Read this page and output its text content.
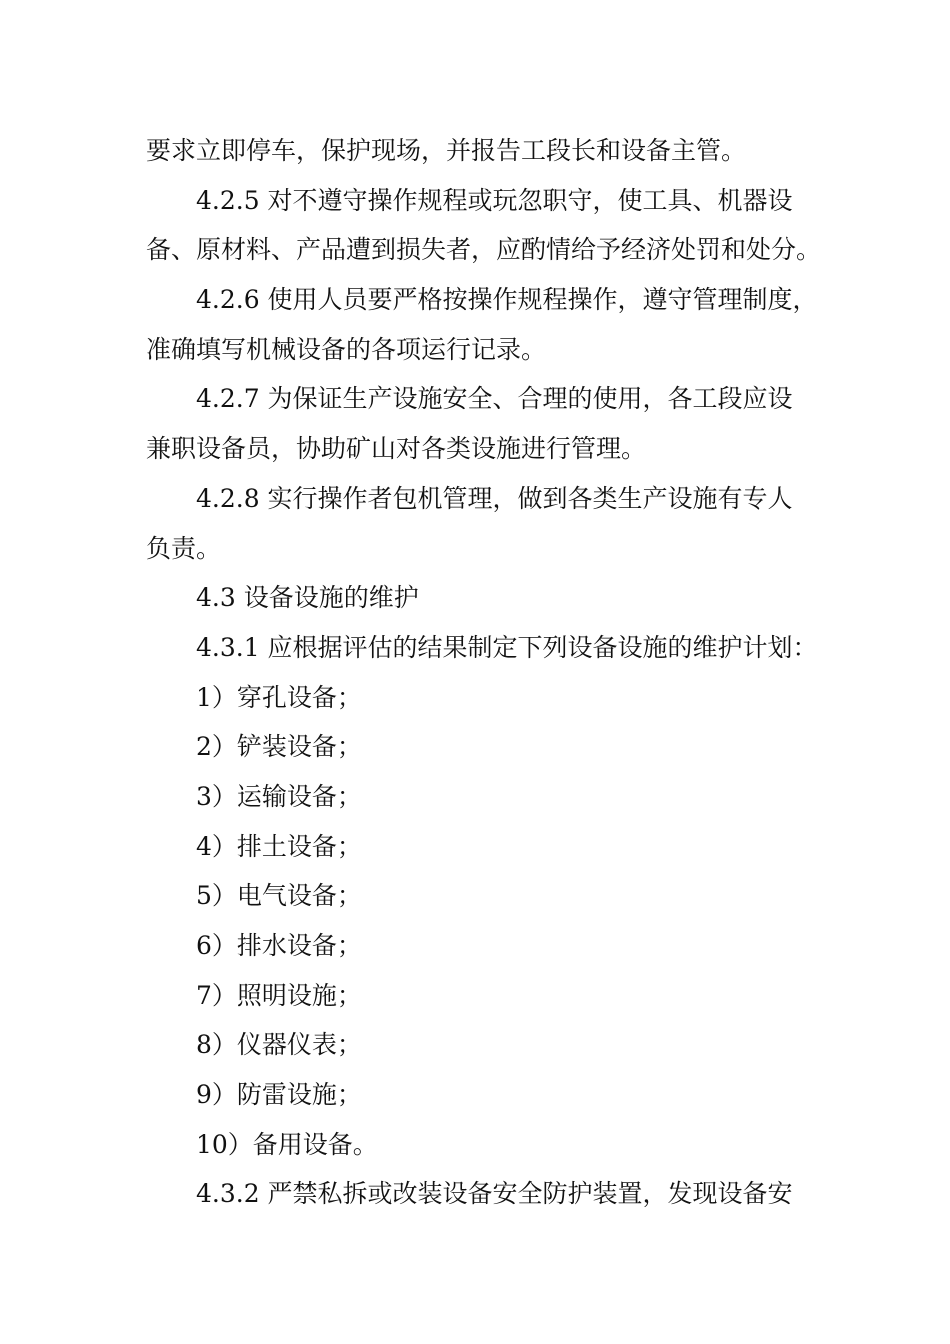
要求立即停车，保护现场，并报告工段长和设备主管。
4.2.5 对不遵守操作规程或玩忽职守，使工具、机器设
备、原材料、产品遭到损失者，应酌情给予经济处罚和处分。
4.2.6 使用人员要严格按操作规程操作，遵守管理制度，
准确填写机械设备的各项运行记录。
4.2.7 为保证生产设施安全、合理的使用，各工段应设
兼职设备员，协助矿山对各类设施进行管理。
4.2.8 实行操作者包机管理，做到各类生产设施有专人
负责。
4.3 设备设施的维护
4.3.1 应根据评估的结果制定下列设备设施的维护计划：
1）穿孔设备；
2）铲装设备；
3）运输设备；
4）排土设备；
5）电气设备；
6）排水设备；
7）照明设施；
8）仪器仪表；
9）防雷设施；
10）备用设备。
4.3.2 严禁私拆或改装设备安全防护装置，发现设备安
